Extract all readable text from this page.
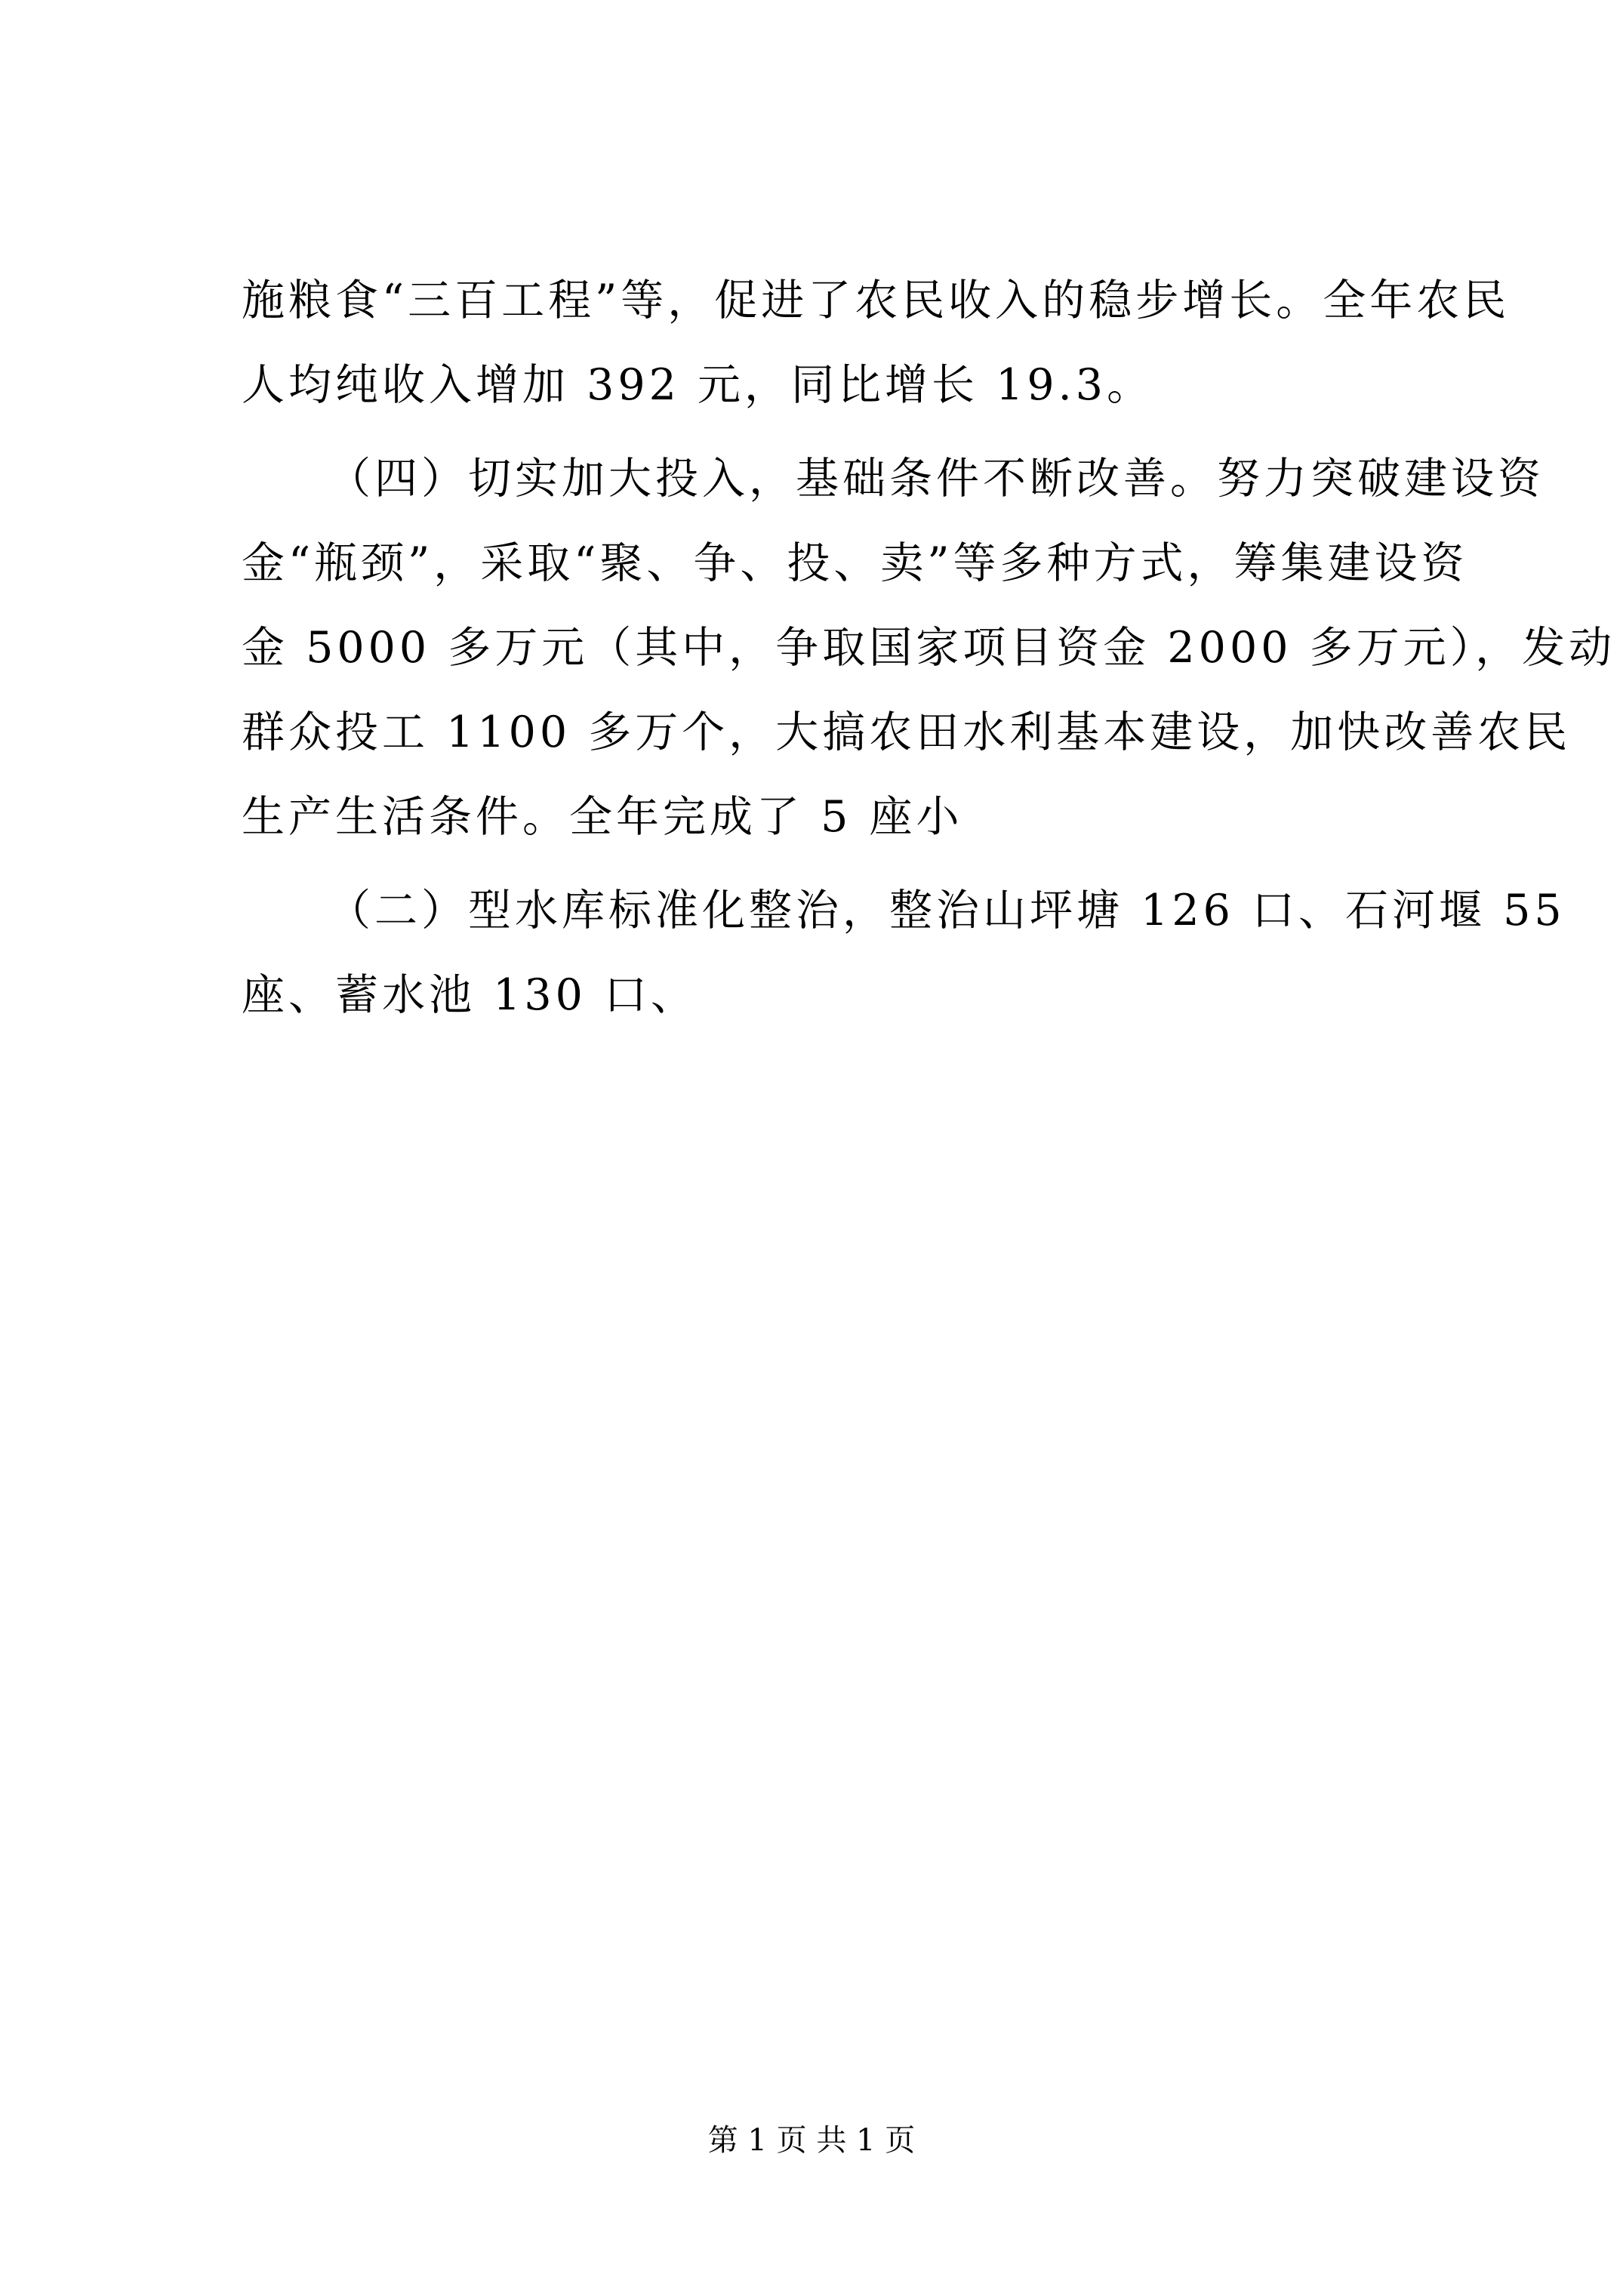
施粮食“三百工程”等，促进了农民收入的稳步增长。全年农民
人均纯收入增加 392 元，同比增长 19.3。
（四）切实加大投入，基础条件不断改善。努力突破建设资
金“瓶颈”，采取“聚、争、投、卖”等多种方式，筹集建设资
金 5000 多万元（其中，争取国家项目资金 2000 多万元），发动
群众投工 1100 多万个，大搞农田水利基本建设，加快改善农民
生产生活条件。全年完成了 5 座小
（二）型水库标准化整治，整治山坪塘 126 口、石河堰 55
座、蓄水池 130 口、
第 1 页 共 1 页
